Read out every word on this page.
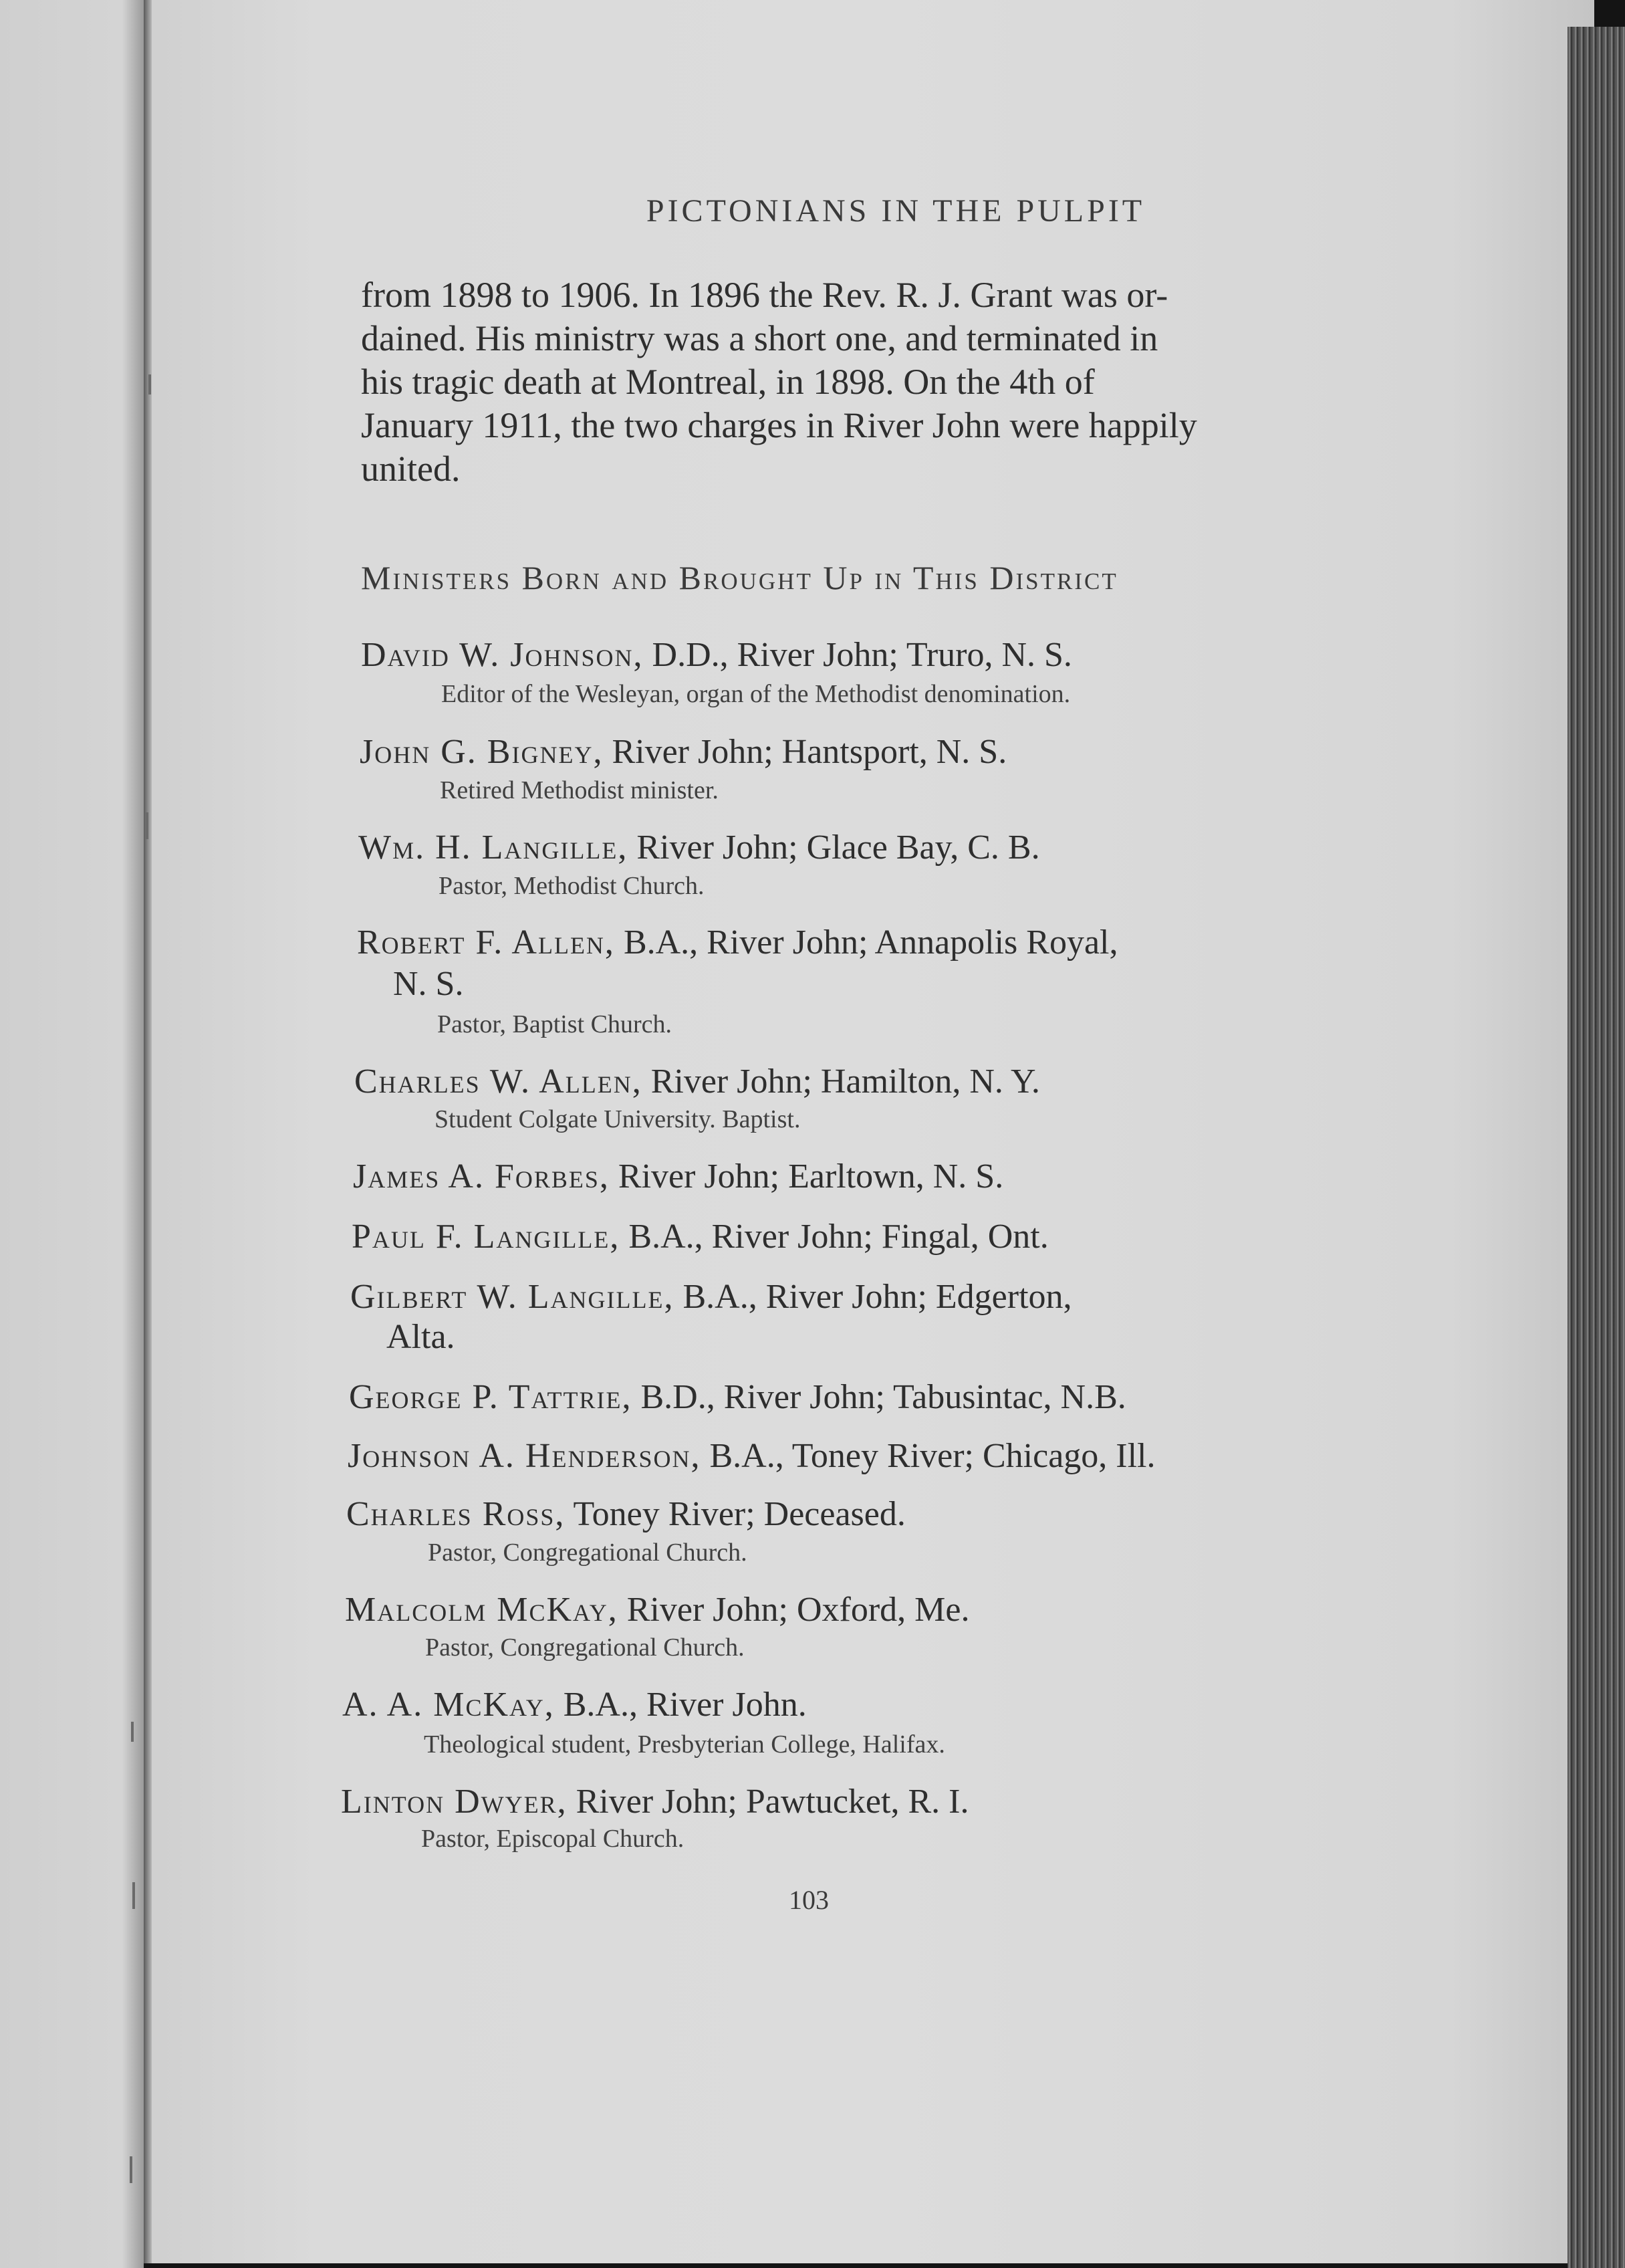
PICTONIANS IN THE PULPIT
from 1898 to 1906. In 1896 the Rev. R. J. Grant was or-
dained. His ministry was a short one, and terminated in
his tragic death at Montreal, in 1898. On the 4th of
January 1911, the two charges in River John were happily
united.
Ministers Born and Brought Up in This District
David W. Johnson, D.D., River John; Truro, N. S.
Editor of the Wesleyan, organ of the Methodist denomination.
John G. Bigney, River John; Hantsport, N. S.
Retired Methodist minister.
Wm. H. Langille, River John; Glace Bay, C. B.
Pastor, Methodist Church.
Robert F. Allen, B.A., River John; Annapolis Royal,
N. S.
Pastor, Baptist Church.
Charles W. Allen, River John; Hamilton, N. Y.
Student Colgate University. Baptist.
James A. Forbes, River John; Earltown, N. S.
Paul F. Langille, B.A., River John; Fingal, Ont.
Gilbert W. Langille, B.A., River John; Edgerton,
Alta.
George P. Tattrie, B.D., River John; Tabusintac, N.B.
Johnson A. Henderson, B.A., Toney River; Chicago, Ill.
Charles Ross, Toney River; Deceased.
Pastor, Congregational Church.
Malcolm McKay, River John; Oxford, Me.
Pastor, Congregational Church.
A. A. McKay, B.A., River John.
Theological student, Presbyterian College, Halifax.
Linton Dwyer, River John; Pawtucket, R. I.
Pastor, Episcopal Church.
103
